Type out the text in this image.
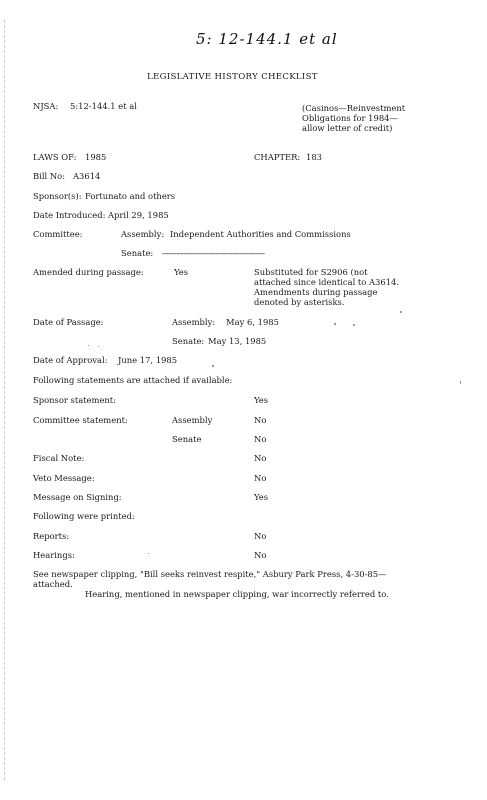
5: 12-144.1 et al
LEGISLATIVE HISTORY CHECKLIST
NJSA: 5:12-144.1 et al	(Casinos—Reinvestment Obligations for 1984—allow letter of credit)
LAWS OF: 1985	CHAPTER: 183
Bill No: A3614
Sponsor(s): Fortunato and others
Date Introduced: April 29, 1985
Committee:	Assembly: Independent Authorities and Commissions
Senate: --------------------------------------------
Amended during passage:	Yes	Substituted for S2906 (not attached since identical to A3614. Amendments during passage denoted by asterisks.
Date of Passage:	Assembly: May 6, 1985
Senate: May 13, 1985
Date of Approval: June 17, 1985
Following statements are attached if available:
Sponsor statement:	Yes
Committee statement:	Assembly	No
Senate	No
Fiscal Note:	No
Veto Message:	No
Message on Signing:	Yes
Following were printed:
Reports:	No
Hearings:	No
See newspaper clipping, "Bill seeks reinvest respite," Asbury Park Press, 4-30-85— attached.
Hearing, mentioned in newspaper clipping, war incorrectly referred to.
